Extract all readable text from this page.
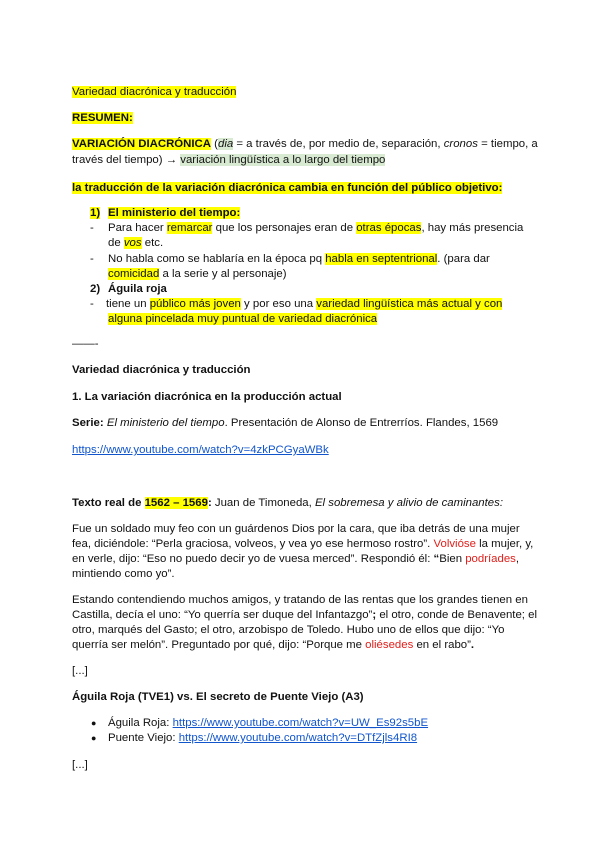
Variedad diacrónica y traducción
RESUMEN:
VARIACIÓN DIACRÓNICA (dia = a través de, por medio de, separación, cronos = tiempo, a
través del tiempo) → variación lingüística a lo largo del tiempo
la traducción de la variación diacrónica cambia en función del público objetivo:
1) El ministerio del tiempo:
- Para hacer remarcar que los personajes eran de otras épocas, hay más presencia
de vos etc.
- No habla como se hablaría en la época pq habla en septentrional. (para dar
comicidad a la serie y al personaje)
2) Águila roja
- tiene un público más joven y por eso una variedad lingüística más actual y con
alguna pincelada muy puntual de variedad diacrónica
——-
Variedad diacrónica y traducción
1. La variación diacrónica en la producción actual
Serie: El ministerio del tiempo. Presentación de Alonso de Entrerríos. Flandes, 1569
https://www.youtube.com/watch?v=4zkPCGyaWBk
Texto real de 1562 – 1569: Juan de Timoneda, El sobremesa y alivio de caminantes:
Fue un soldado muy feo con un guárdenos Dios por la cara, que iba detrás de una mujer
fea, diciéndole: “Perla graciosa, volveos, y vea yo ese hermoso rostro”. Volvióse la mujer, y,
en verle, dijo: “Eso no puedo decir yo de vuesa merced”. Respondió él: “Bien podríades,
mintiendo como yo”.
Estando contendiendo muchos amigos, y tratando de las rentas que los grandes tienen en
Castilla, decía el uno: “Yo querría ser duque del Infantazgo”; el otro, conde de Benavente; el
otro, marqués del Gasto; el otro, arzobispo de Toledo. Hubo uno de ellos que dijo: “Yo
querría ser melón”. Preguntado por qué, dijo: “Porque me oliésedes en el rabo”.
[...]
Águila Roja (TVE1) vs. El secreto de Puente Viejo (A3)
● Águila Roja: https://www.youtube.com/watch?v=UW_Es92s5bE
● Puente Viejo: https://www.youtube.com/watch?v=DTfZjls4RI8
[...]
